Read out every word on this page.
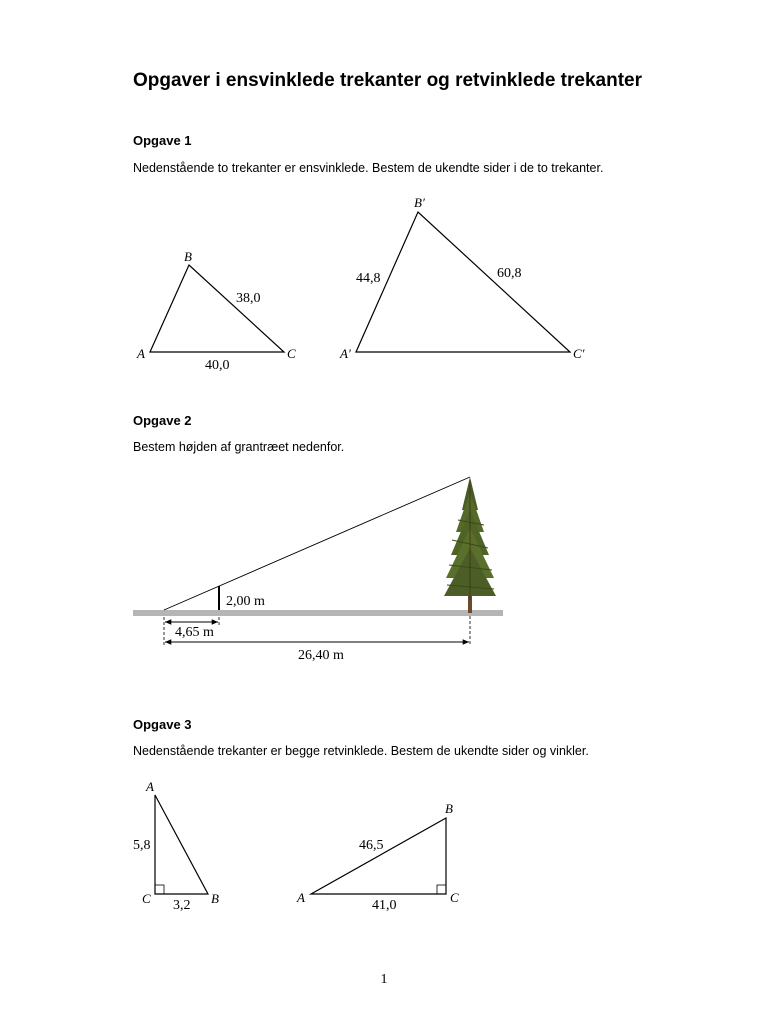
Opgaver i ensvinklede trekanter og retvinklede trekanter
Opgave 1
Nedenstående to trekanter er ensvinklede. Bestem de ukendte sider i de to trekanter.
B
A	C
38,0
40,0
B′
A′	C′
44,8	60,8
Opgave 2
Bestem højden af grantræet nedenfor.
2,00 m
4,65 m
26,40 m
Opgave 3
Nedenstående trekanter er begge retvinklede. Bestem de ukendte sider og vinkler.
A
C	B
5,8
3,2
B
A	C
46,5
41,0
1
